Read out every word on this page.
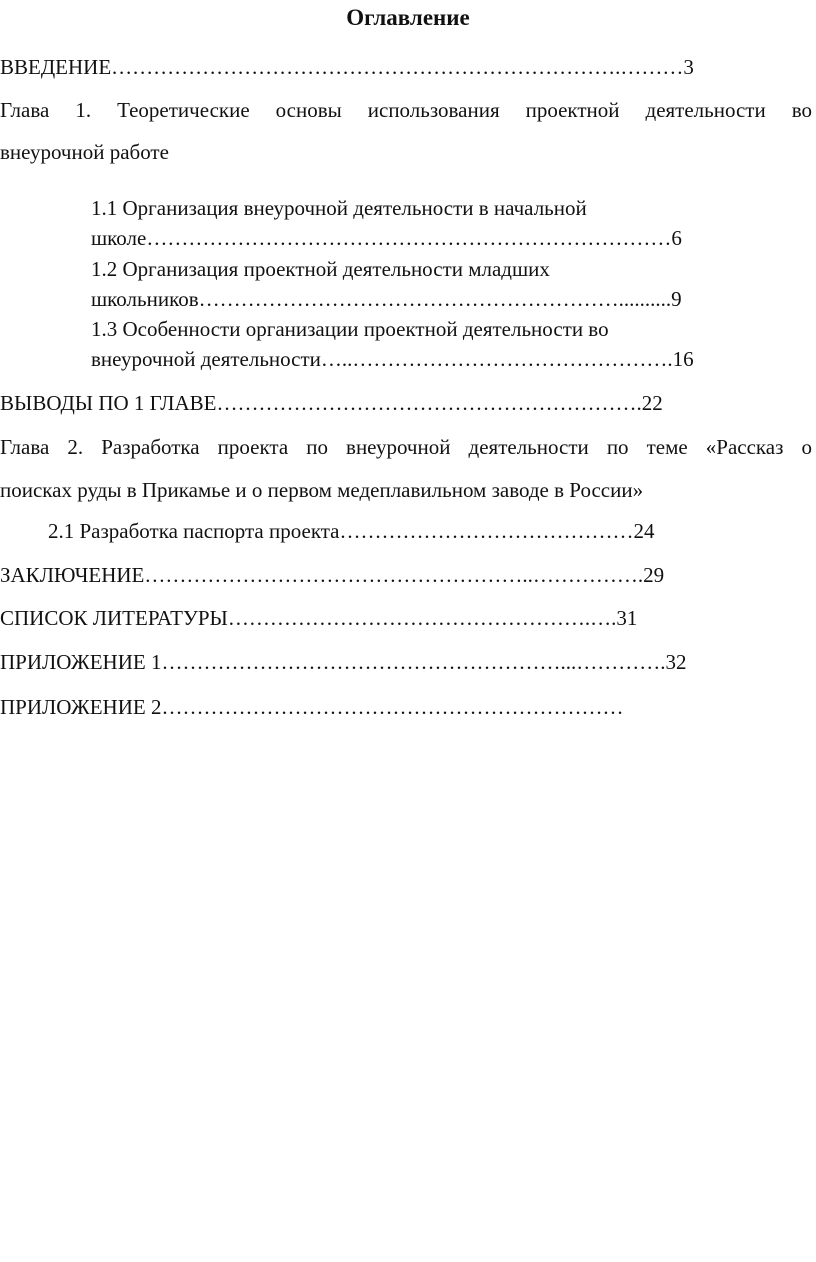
Оглавление
ВВЕДЕНИЕ……………………………………………………………….………3
Глава 1. Теоретические основы использования проектной деятельности во
внеурочной работе
1.1 Организация внеурочной деятельности в начальной
школе…………………………………………………………………6
1.2 Организация проектной деятельности младших
школьников……………………………………………………..........9
1.3 Особенности организации проектной деятельности во
внеурочной деятельности…..……………………………………….16
ВЫВОДЫ ПО 1 ГЛАВЕ…………………………………………………….22
Глава 2. Разработка проекта по внеурочной деятельности по теме «Рассказ о
поисках руды в Прикамье и о первом медеплавильном заводе в России»
2.1 Разработка паспорта проекта……………………………………24
ЗАКЛЮЧЕНИЕ………………………………………………..…………….29
СПИСОК ЛИТЕРАТУРЫ…………………………………………….….31
ПРИЛОЖЕНИЕ 1…………………………………………………...………….32
ПРИЛОЖЕНИЕ 2…………………………………………………………
